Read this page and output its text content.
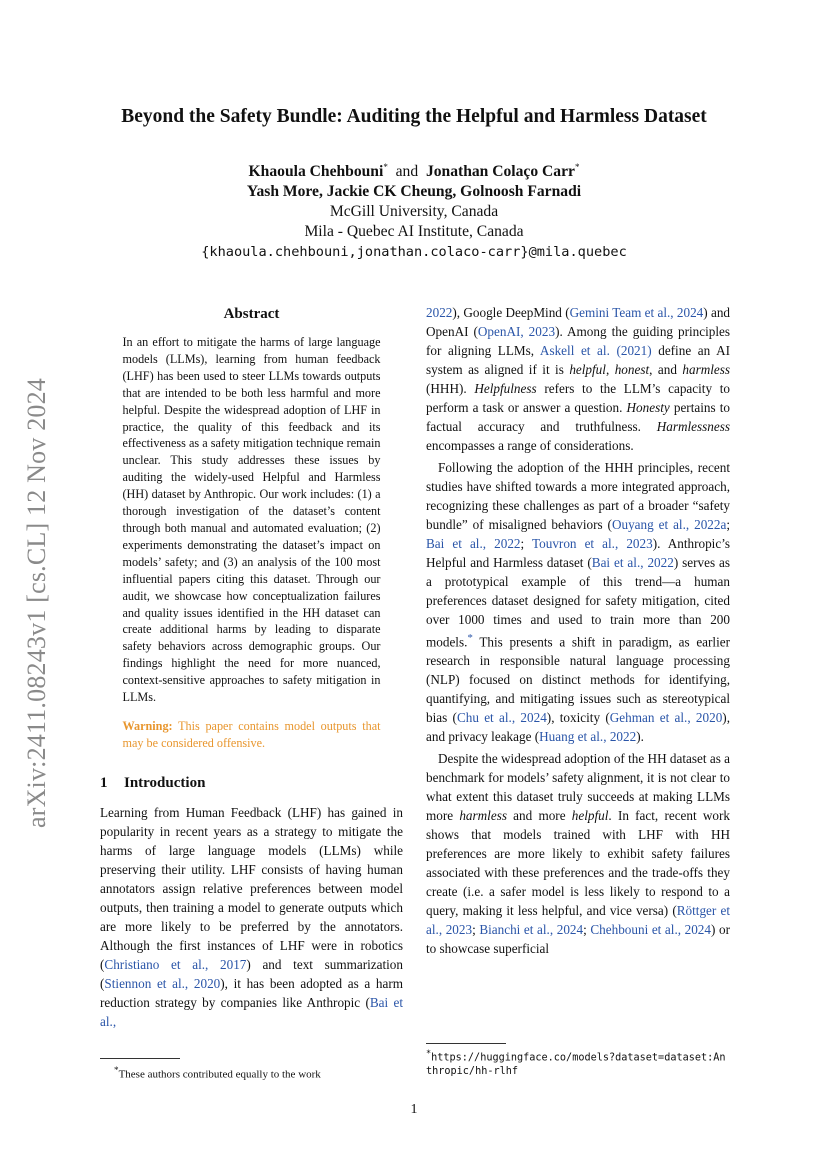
arXiv:2411.08243v1 [cs.CL] 12 Nov 2024
Beyond the Safety Bundle: Auditing the Helpful and Harmless Dataset
Khaoula Chehbouni* and Jonathan Colaço Carr*
Yash More, Jackie CK Cheung, Golnoosh Farnadi
McGill University, Canada
Mila - Quebec AI Institute, Canada
{khaoula.chehbouni,jonathan.colaco-carr}@mila.quebec
Abstract
In an effort to mitigate the harms of large language models (LLMs), learning from human feedback (LHF) has been used to steer LLMs towards outputs that are intended to be both less harmful and more helpful. Despite the widespread adoption of LHF in practice, the quality of this feedback and its effectiveness as a safety mitigation technique remain unclear. This study addresses these issues by auditing the widely-used Helpful and Harmless (HH) dataset by Anthropic. Our work includes: (1) a thorough investigation of the dataset’s content through both manual and automated evaluation; (2) experiments demonstrating the dataset’s impact on models’ safety; and (3) an analysis of the 100 most influential papers citing this dataset. Through our audit, we showcase how conceptualization failures and quality issues identified in the HH dataset can create additional harms by leading to disparate safety behaviors across demographic groups. Our findings highlight the need for more nuanced, context-sensitive approaches to safety mitigation in LLMs.
Warning: This paper contains model outputs that may be considered offensive.
1 Introduction

Learning from Human Feedback (LHF) has gained in popularity in recent years as a strategy to mitigate the harms of large language models (LLMs) while preserving their utility. LHF consists of having human annotators assign relative preferences between model outputs, then training a model to generate outputs which are more likely to be preferred by the annotators. Although the first instances of LHF were in robotics (Christiano et al., 2017) and text summarization (Stiennon et al., 2020), it has been adopted as a harm reduction strategy by companies like Anthropic (Bai et al.,

2022), Google DeepMind (Gemini Team et al., 2024) and OpenAI (OpenAI, 2023). Among the guiding principles for aligning LLMs, Askell et al. (2021) define an AI system as aligned if it is helpful, honest, and harmless (HHH). Helpfulness refers to the LLM’s capacity to perform a task or answer a question. Honesty pertains to factual accuracy and truthfulness. Harmlessness encompasses a range of considerations.

Following the adoption of the HHH principles, recent studies have shifted towards a more integrated approach, recognizing these challenges as part of a broader “safety bundle” of misaligned behaviors (Ouyang et al., 2022a; Bai et al., 2022; Touvron et al., 2023). Anthropic’s Helpful and Harmless dataset (Bai et al., 2022) serves as a prototypical example of this trend—a human preferences dataset designed for safety mitigation, cited over 1000 times and used to train more than 200 models.* This presents a shift in paradigm, as earlier research in responsible natural language processing (NLP) focused on distinct methods for identifying, quantifying, and mitigating issues such as stereotypical bias (Chu et al., 2024), toxicity (Gehman et al., 2020), and privacy leakage (Huang et al., 2022).

Despite the widespread adoption of the HH dataset as a benchmark for models’ safety alignment, it is not clear to what extent this dataset truly succeeds at making LLMs more harmless and more helpful. In fact, recent work shows that models trained with LHF with HH preferences are more likely to exhibit safety failures associated with these preferences and the trade-offs they create (i.e. a safer model is less likely to respond to a query, making it less helpful, and vice versa) (Röttger et al., 2023; Bianchi et al., 2024; Chehbouni et al., 2024) or to showcase superficial

*These authors contributed equally to the work
*https://huggingface.co/models?dataset=dataset:Anthropic/hh-rlhf
1
